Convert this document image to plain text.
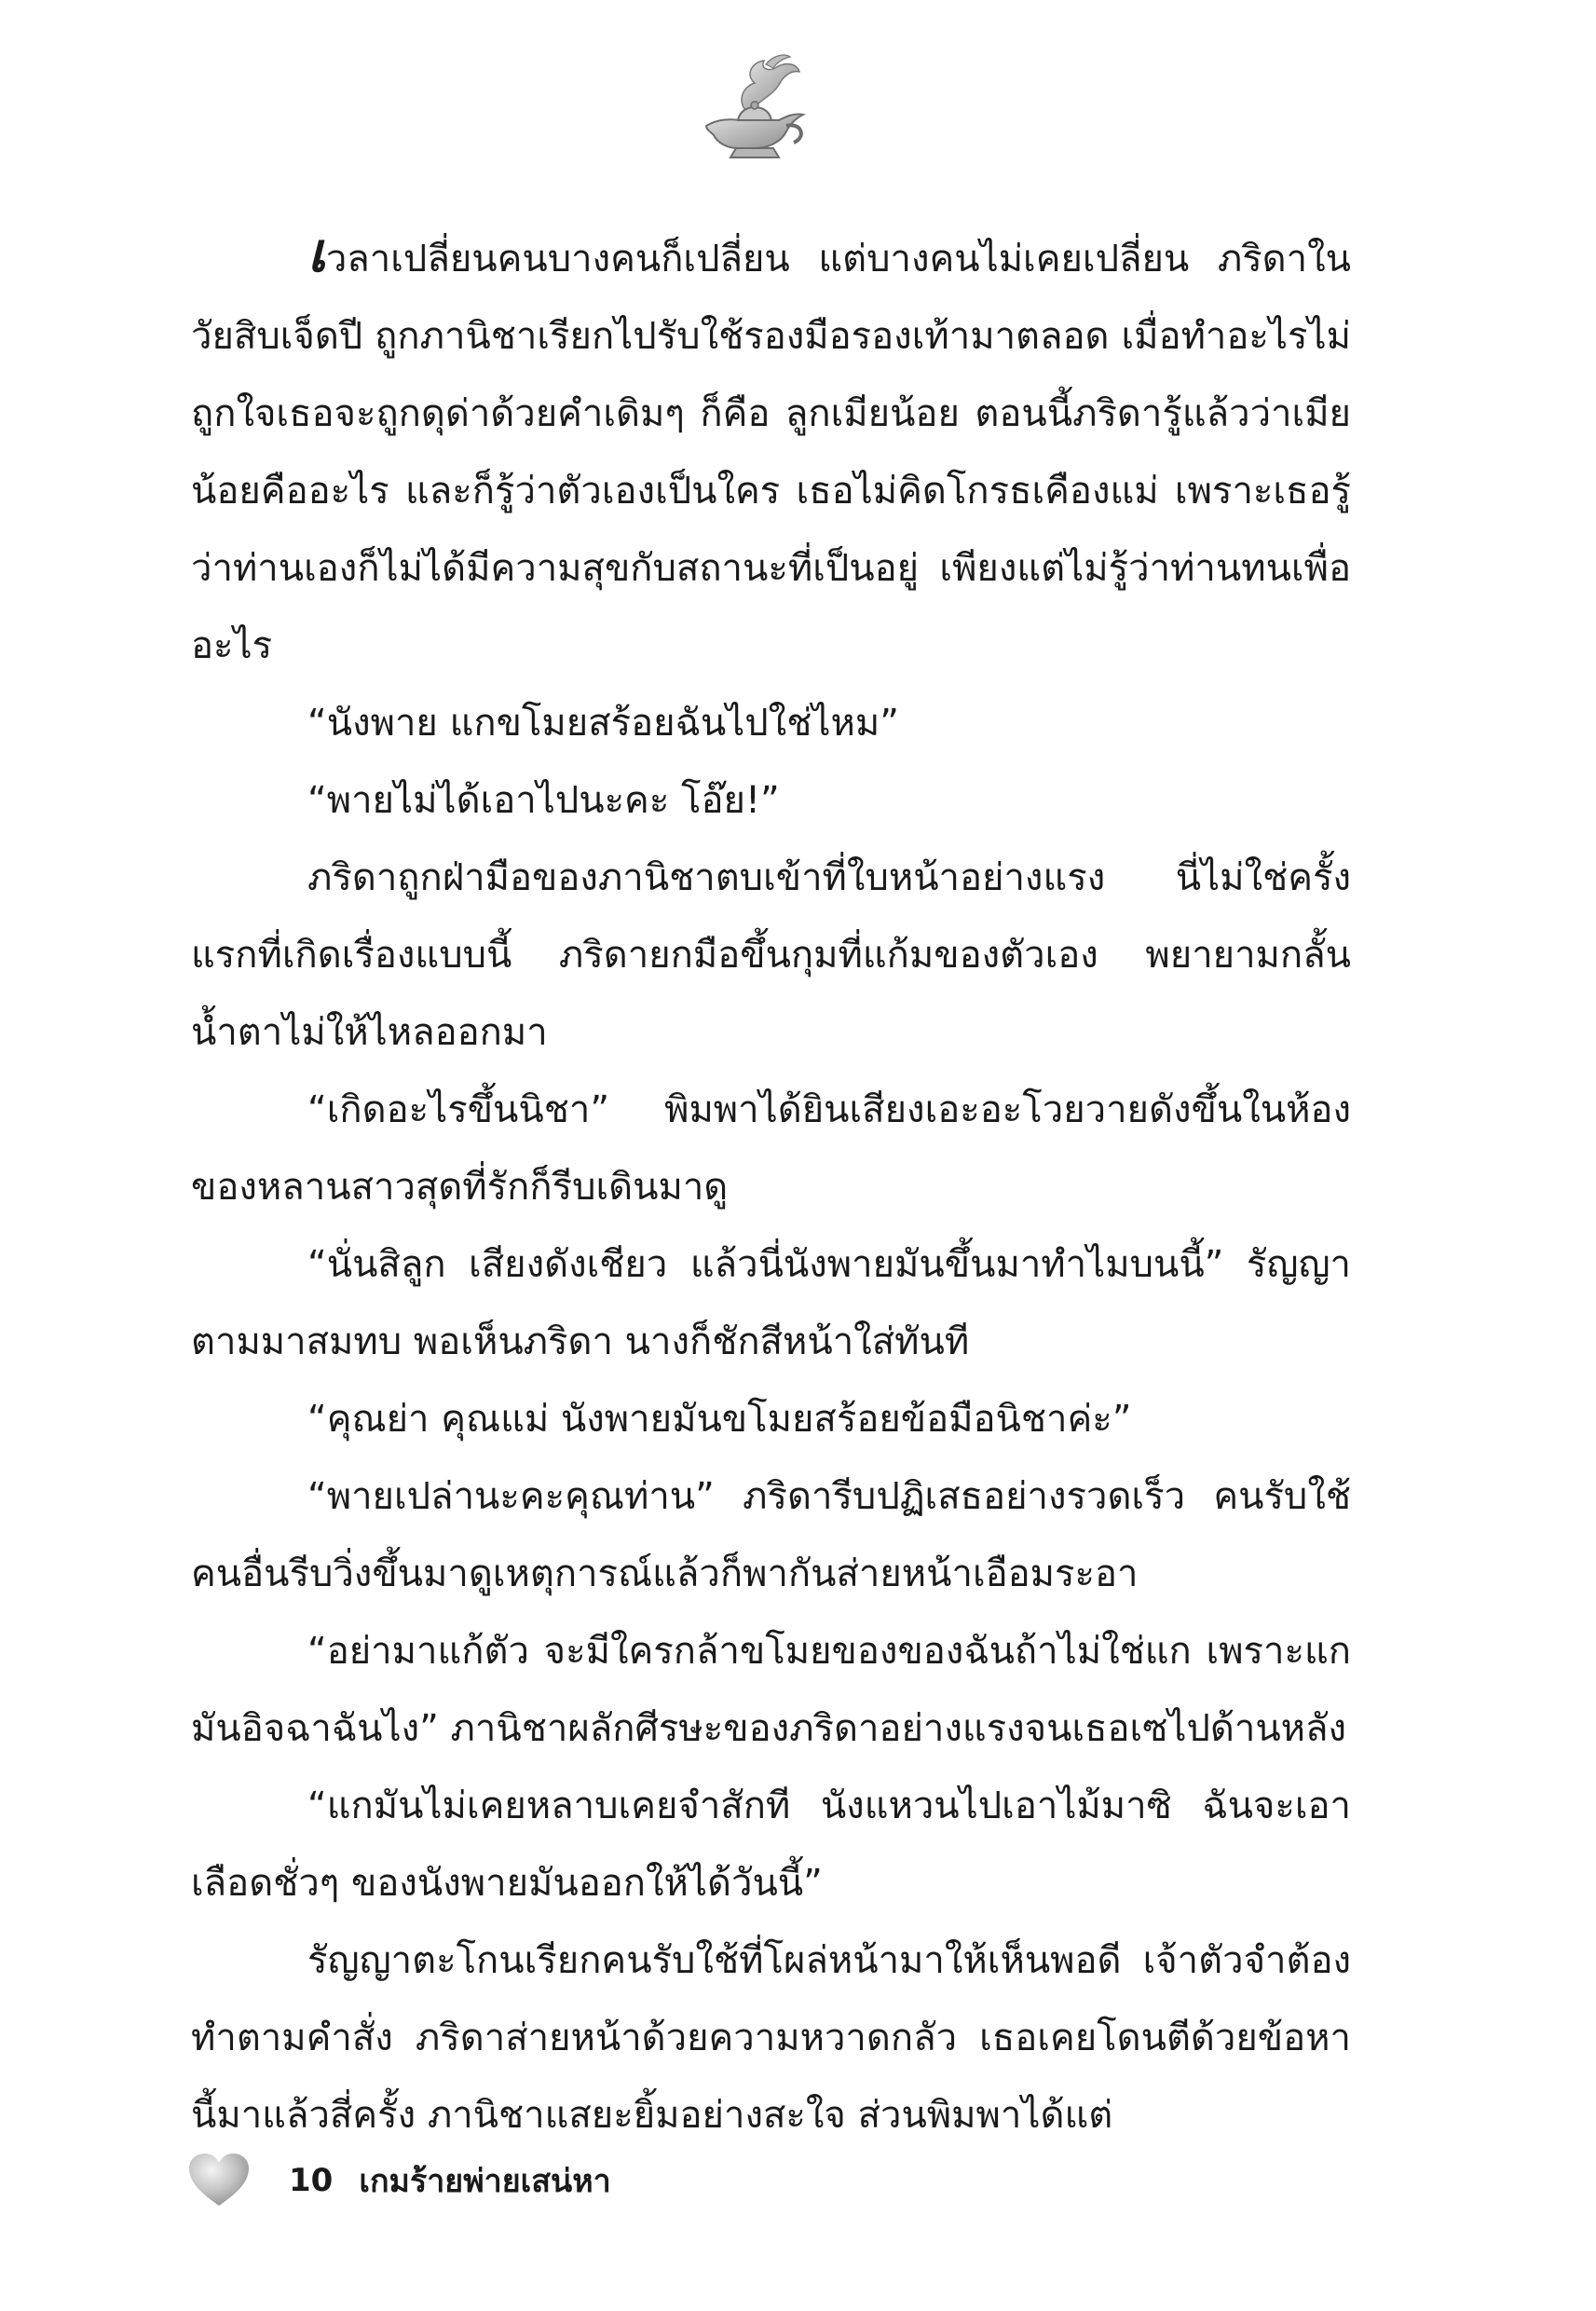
เวลาเปลี่ยนคนบางคนก็เปลี่ยน แต่บางคนไม่เคยเปลี่ยน ภริดาในวัยสิบเจ็ดปี ถูกภานิชาเรียกไปรับใช้รองมือรองเท้ามาตลอด เมื่อทำอะไรไม่ถูกใจเธอจะถูกดุด่าด้วยคำเดิมๆ ก็คือ ลูกเมียน้อย ตอนนี้ภริดารู้แล้วว่าเมียน้อยคืออะไร และก็รู้ว่าตัวเองเป็นใคร เธอไม่คิดโกรธเคืองแม่ เพราะเธอรู้ว่าท่านเองก็ไม่ได้มีความสุขกับสถานะที่เป็นอยู่ เพียงแต่ไม่รู้ว่าท่านทนเพื่ออะไร

“นังพาย แกขโมยสร้อยฉันไปใช่ไหม”

“พายไม่ได้เอาไปนะคะ โอ๊ย!”

ภริดาถูกฝ่ามือของภานิชาตบเข้าที่ใบหน้าอย่างแรง นี่ไม่ใช่ครั้งแรกที่เกิดเรื่องแบบนี้ ภริดายกมือขึ้นกุมที่แก้มของตัวเอง พยายามกลั้นน้ำตาไม่ให้ไหลออกมา

“เกิดอะไรขึ้นนิชา” พิมพาได้ยินเสียงเอะอะโวยวายดังขึ้นในห้องของหลานสาวสุดที่รักก็รีบเดินมาดู

“นั่นสิลูก เสียงดังเชียว แล้วนี่นังพายมันขึ้นมาทำไมบนนี้” รัญญาตามมาสมทบ พอเห็นภริดา นางก็ชักสีหน้าใส่ทันที

“คุณย่า คุณแม่ นังพายมันขโมยสร้อยข้อมือนิชาค่ะ”

“พายเปล่านะคะคุณท่าน” ภริดารีบปฏิเสธอย่างรวดเร็ว คนรับใช้คนอื่นรีบวิ่งขึ้นมาดูเหตุการณ์แล้วก็พากันส่ายหน้าเอือมระอา

“อย่ามาแก้ตัว จะมีใครกล้าขโมยของของฉันถ้าไม่ใช่แก เพราะแกมันอิจฉาฉันไง” ภานิชาผลักศีรษะของภริดาอย่างแรงจนเธอเซไปด้านหลัง

“แกมันไม่เคยหลาบเคยจำสักที นังแหวนไปเอาไม้มาซิ ฉันจะเอาเลือดชั่วๆ ของนังพายมันออกให้ได้วันนี้”

รัญญาตะโกนเรียกคนรับใช้ที่โผล่หน้ามาให้เห็นพอดี เจ้าตัวจำต้องทำตามคำสั่ง ภริดาส่ายหน้าด้วยความหวาดกลัว เธอเคยโดนตีด้วยข้อหานี้มาแล้วสี่ครั้ง ภานิชาแสยะยิ้มอย่างสะใจ ส่วนพิมพาได้แต่

10 เกมร้ายพ่ายเสน่หา
